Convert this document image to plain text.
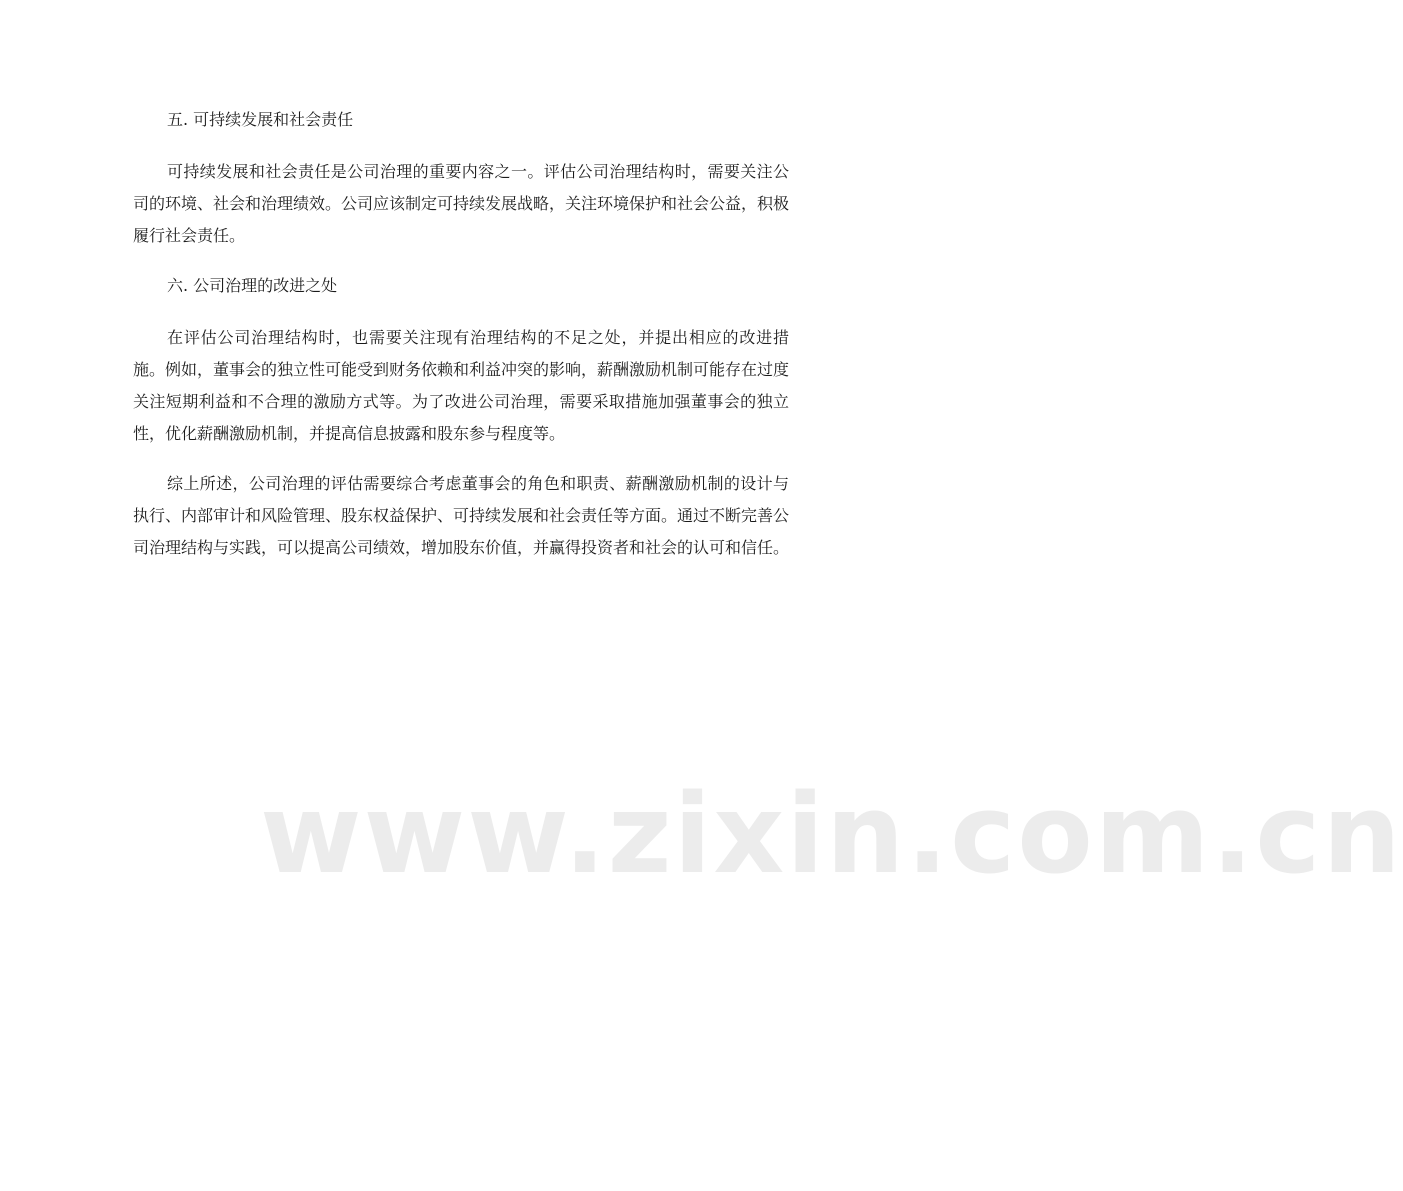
www.zixin.com.cn
五. 可持续发展和社会责任

可持续发展和社会责任是公司治理的重要内容之一。评估公司治理结构时，需要关注公司的环境、社会和治理绩效。公司应该制定可持续发展战略，关注环境保护和社会公益，积极履行社会责任。

六. 公司治理的改进之处

在评估公司治理结构时，也需要关注现有治理结构的不足之处，并提出相应的改进措施。例如，董事会的独立性可能受到财务依赖和利益冲突的影响，薪酬激励机制可能存在过度关注短期利益和不合理的激励方式等。为了改进公司治理，需要采取措施加强董事会的独立性，优化薪酬激励机制，并提高信息披露和股东参与程度等。

综上所述，公司治理的评估需要综合考虑董事会的角色和职责、薪酬激励机制的设计与执行、内部审计和风险管理、股东权益保护、可持续发展和社会责任等方面。通过不断完善公司治理结构与实践，可以提高公司绩效，增加股东价值，并赢得投资者和社会的认可和信任。
